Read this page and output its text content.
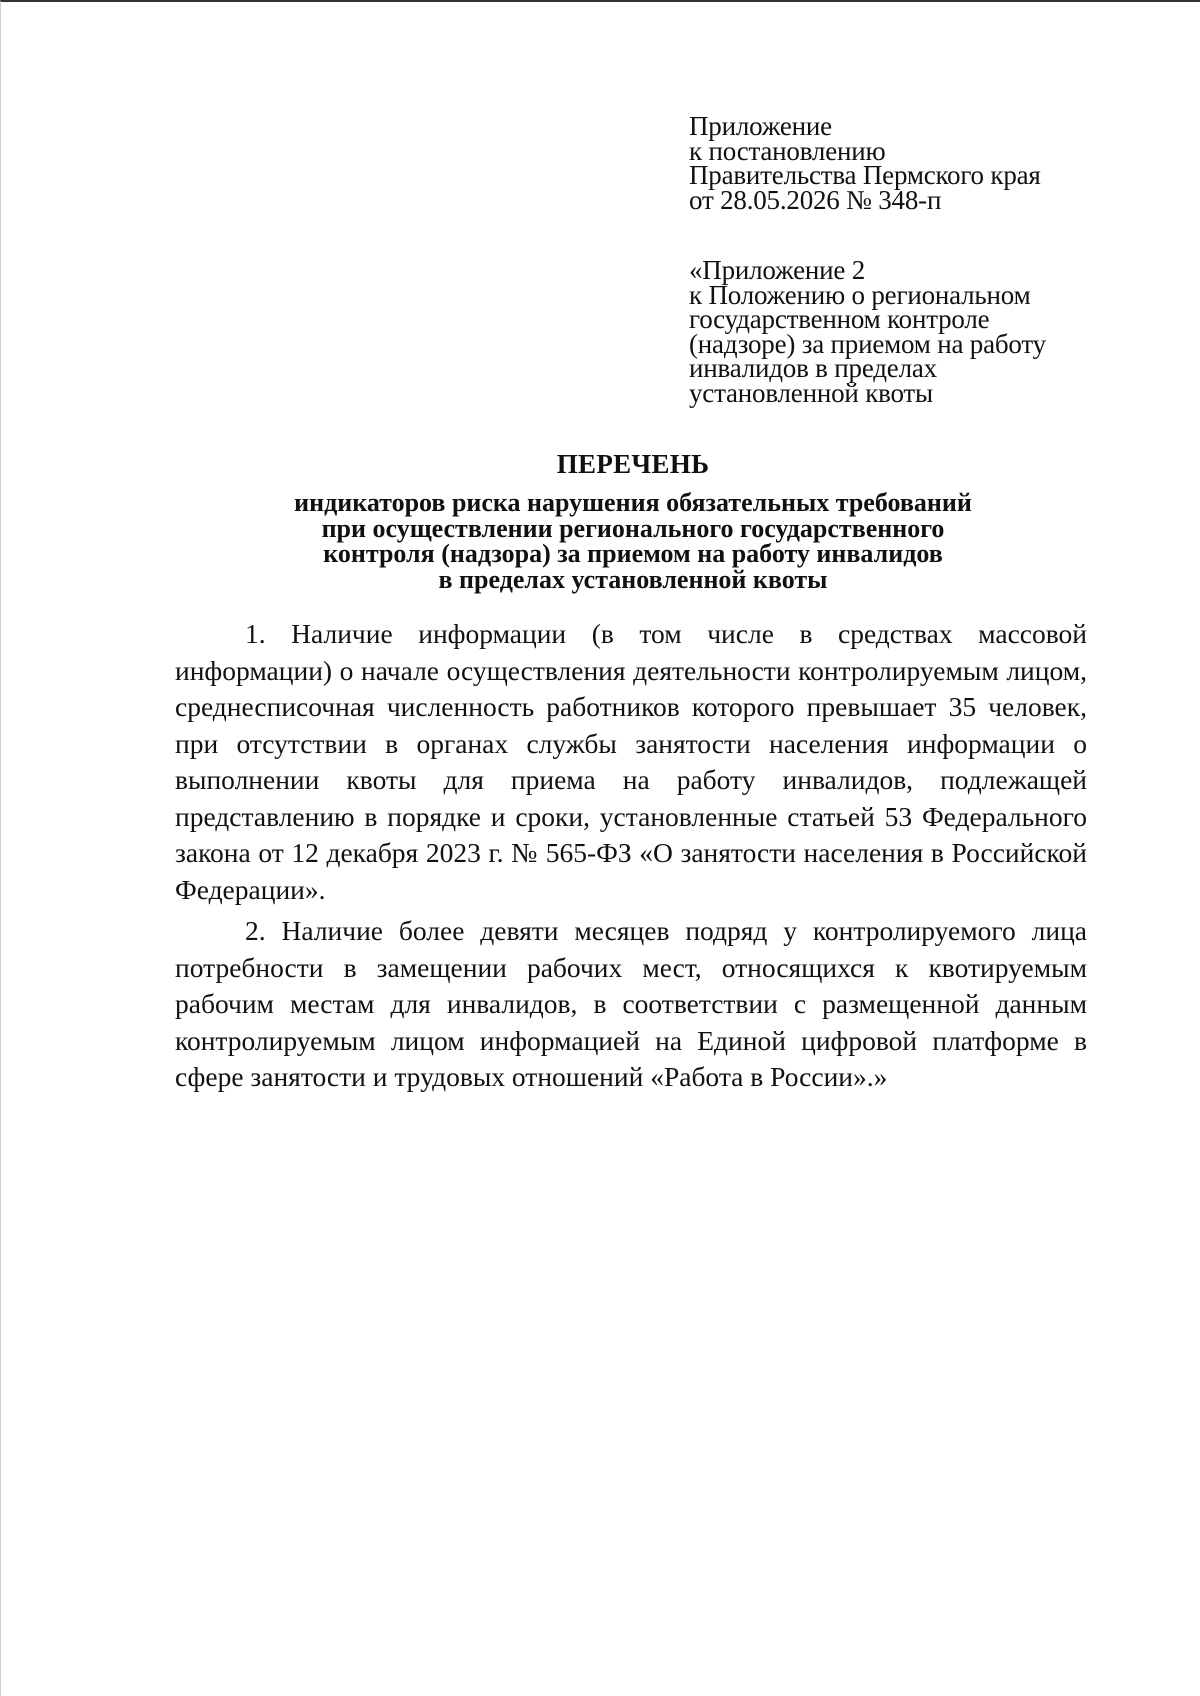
Приложение
к постановлению
Правительства Пермского края
от 28.05.2026 № 348-п
«Приложение 2
к Положению о региональном
государственном контроле
(надзоре) за приемом на работу
инвалидов в пределах
установленной квоты
ПЕРЕЧЕНЬ
индикаторов риска нарушения обязательных требований
при осуществлении регионального государственного
контроля (надзора) за приемом на работу инвалидов
в пределах установленной квоты

1. Наличие информации (в том числе в средствах массовой информации) о начале осуществления деятельности контролируемым лицом, среднесписочная численность работников которого превышает 35 человек, при отсутствии в органах службы занятости населения информации о выполнении квоты для приема на работу инвалидов, подлежащей представлению в порядке и сроки, установленные статьей 53 Федерального закона от 12 декабря 2023 г. № 565-ФЗ «О занятости населения в Российской Федерации».

2. Наличие более девяти месяцев подряд у контролируемого лица потребности в замещении рабочих мест, относящихся к квотируемым рабочим местам для инвалидов, в соответствии с размещенной данным контролируемым лицом информацией на Единой цифровой платформе в сфере занятости и трудовых отношений «Работа в России».»
